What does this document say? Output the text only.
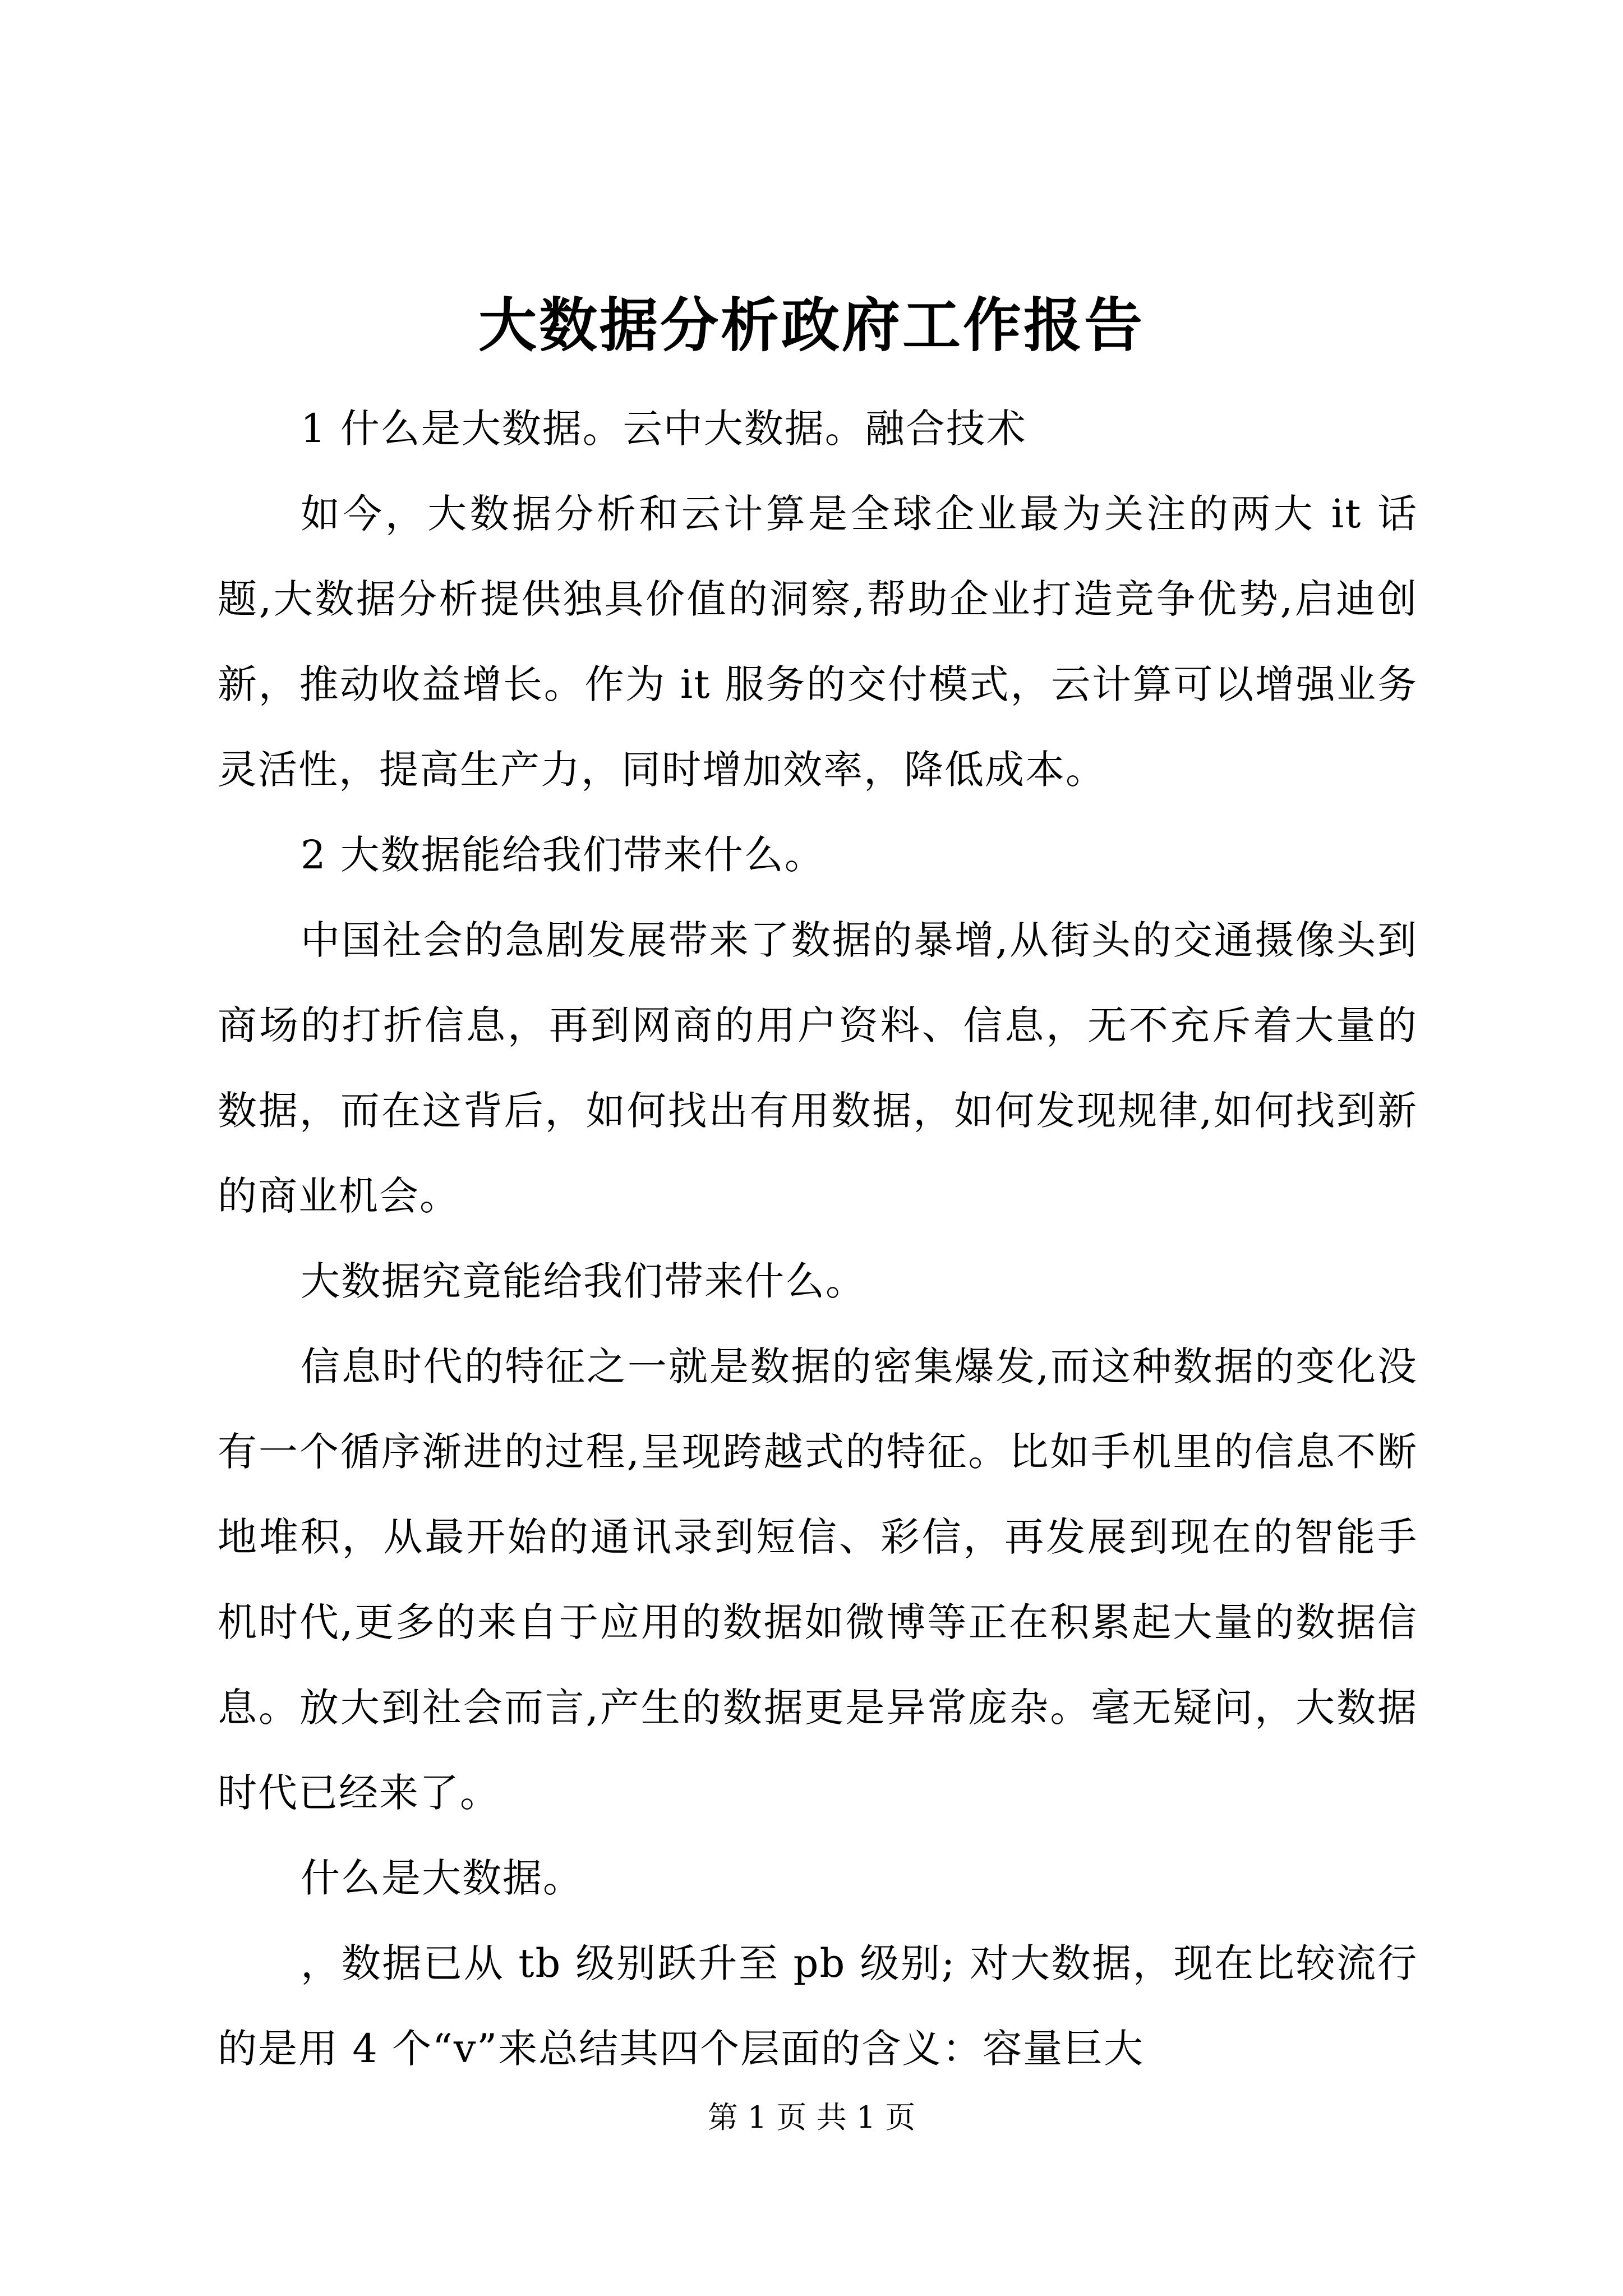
大数据分析政府工作报告

1 什么是大数据。云中大数据。融合技术

如今，大数据分析和云计算是全球企业最为关注的两大 it 话题,大数据分析提供独具价值的洞察,帮助企业打造竞争优势,启迪创新，推动收益增长。作为 it 服务的交付模式，云计算可以增强业务灵活性，提高生产力，同时增加效率，降低成本。

2 大数据能给我们带来什么。

中国社会的急剧发展带来了数据的暴增,从街头的交通摄像头到商场的打折信息，再到网商的用户资料、信息，无不充斥着大量的数据，而在这背后，如何找出有用数据，如何发现规律,如何找到新的商业机会。

大数据究竟能给我们带来什么。

信息时代的特征之一就是数据的密集爆发,而这种数据的变化没有一个循序渐进的过程,呈现跨越式的特征。比如手机里的信息不断地堆积，从最开始的通讯录到短信、彩信，再发展到现在的智能手机时代,更多的来自于应用的数据如微博等正在积累起大量的数据信息。放大到社会而言,产生的数据更是异常庞杂。毫无疑问，大数据时代已经来了。

什么是大数据。

，数据已从 tb 级别跃升至 pb 级别; 对大数据，现在比较流行的是用 4 个“v”来总结其四个层面的含义：容量巨大

第 1 页 共 1 页
